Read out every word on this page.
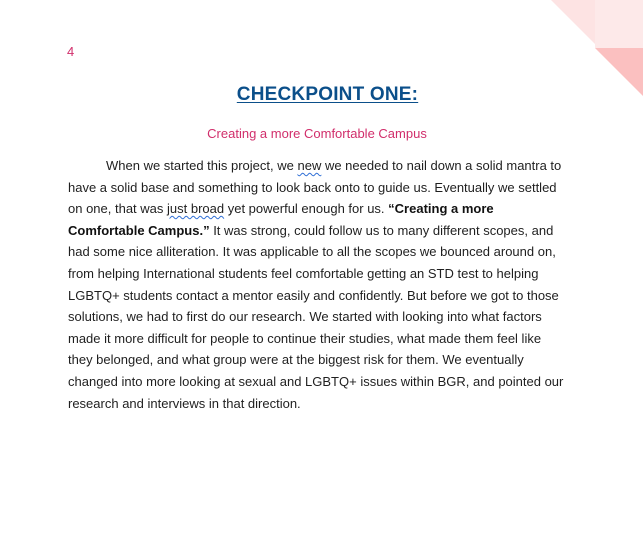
4
CHECKPOINT ONE:
Creating a more Comfortable Campus

When we started this project, we new we needed to nail down a solid mantra to have a solid base and something to look back onto to guide us. Eventually we settled on one, that was just broad yet powerful enough for us. “Creating a more Comfortable Campus.” It was strong, could follow us to many different scopes, and had some nice alliteration. It was applicable to all the scopes we bounced around on, from helping International students feel comfortable getting an STD test to helping LGBTQ+ students contact a mentor easily and confidently. But before we got to those solutions, we had to first do our research. We started with looking into what factors made it more difficult for people to continue their studies, what made them feel like they belonged, and what group were at the biggest risk for them. We eventually changed into more looking at sexual and LGBTQ+ issues within BGR, and pointed our research and interviews in that direction.
